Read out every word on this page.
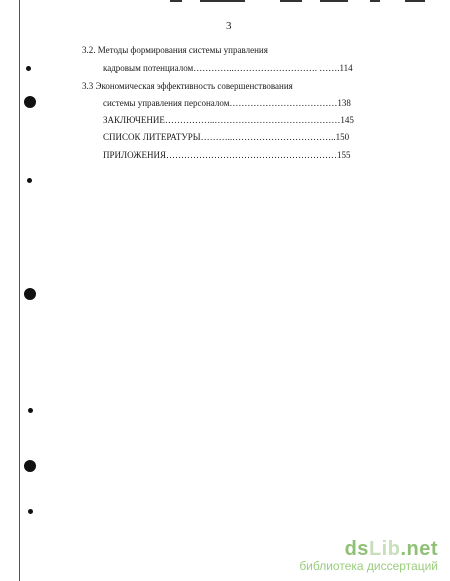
3
3.2. Методы формирования системы управления
кадровым потенциалом…………..………………………. …….114
3.3 Экономическая эффективность совершенствования
системы управления персоналом………………………………138
ЗАКЛЮЧЕНИЕ……………..……………………………………145
СПИСОК ЛИТЕРАТУРЫ………..……………………………..150
ПРИЛОЖЕНИЯ…………………………………………………155
dsLib.net
библиотека диссертаций
